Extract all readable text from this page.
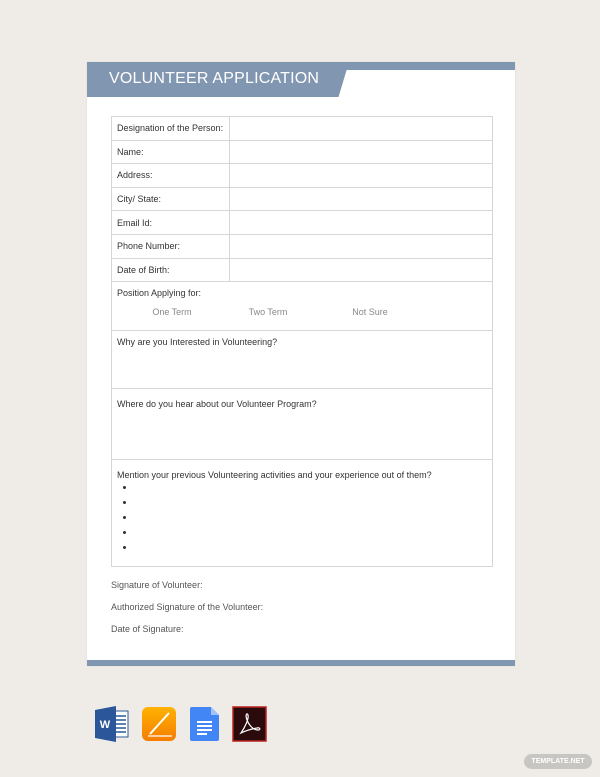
VOLUNTEER APPLICATION
Designation of the Person:
Name:
Address:
City/ State:
Email Id:
Phone Number:
Date of Birth:
Position Applying for:
One Term	Two Term	Not Sure
Why are you Interested in Volunteering?
Where do you hear about our Volunteer Program?
Mention your previous Volunteering activities and your experience out of them?
•
•
•
•
•
Signature of Volunteer:
Authorized Signature of the Volunteer:
Date of Signature:
W
TEMPLATE.NET
